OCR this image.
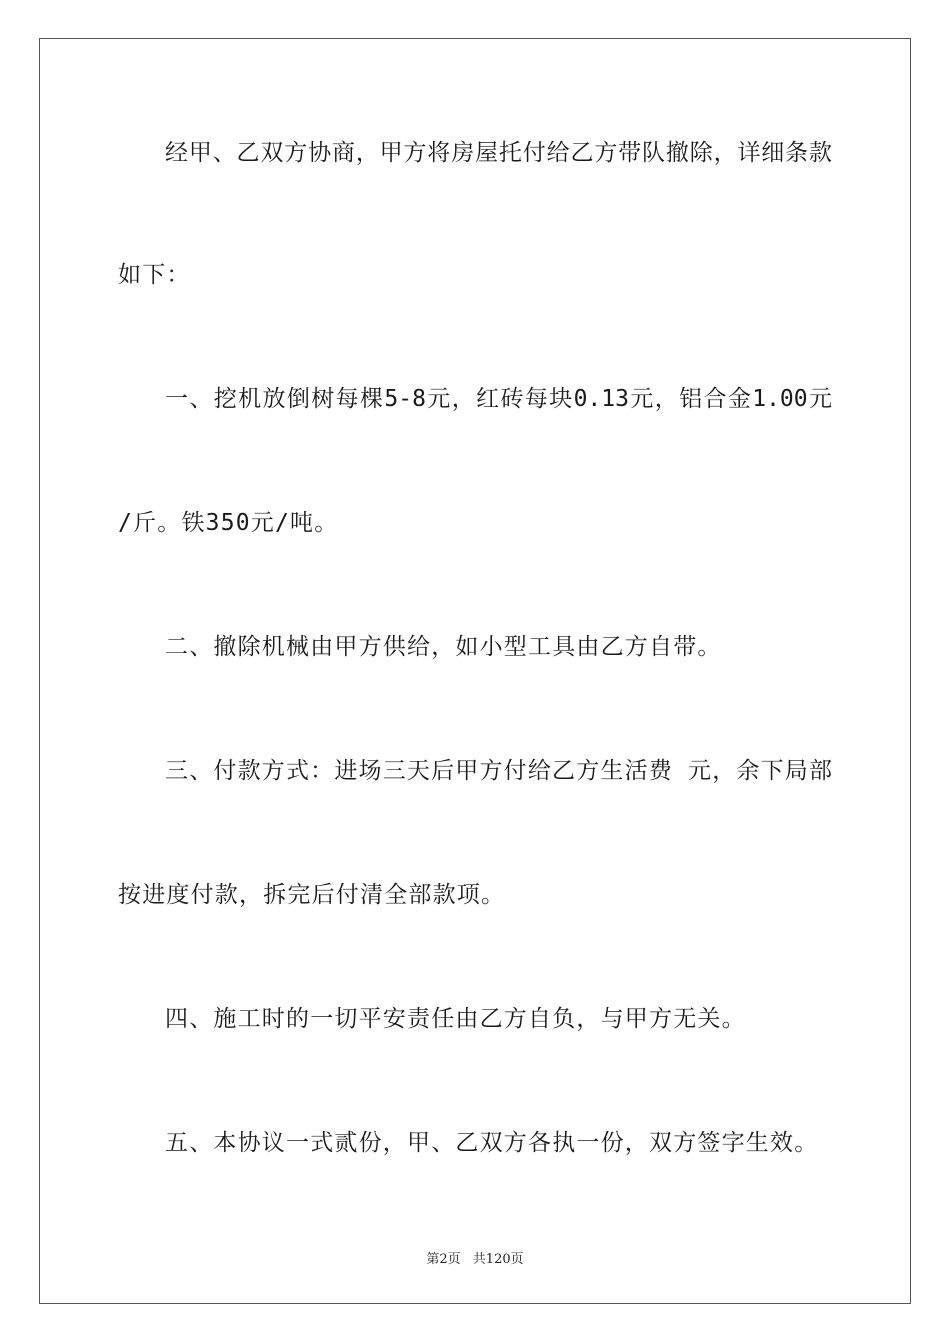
经甲、乙双方协商，甲方将房屋托付给乙方带队撤除，详细条款
如下：
一、挖机放倒树每棵5-8元，红砖每块0.13元，铝合金1.00元
/斤。铁350元/吨。
二、撤除机械由甲方供给，如小型工具由乙方自带。
三、付款方式：进场三天后甲方付给乙方生活费 元，余下局部
按进度付款，拆完后付清全部款项。
四、施工时的一切平安责任由乙方自负，与甲方无关。
五、本协议一式贰份，甲、乙双方各执一份，双方签字生效。
第2页 共120页
